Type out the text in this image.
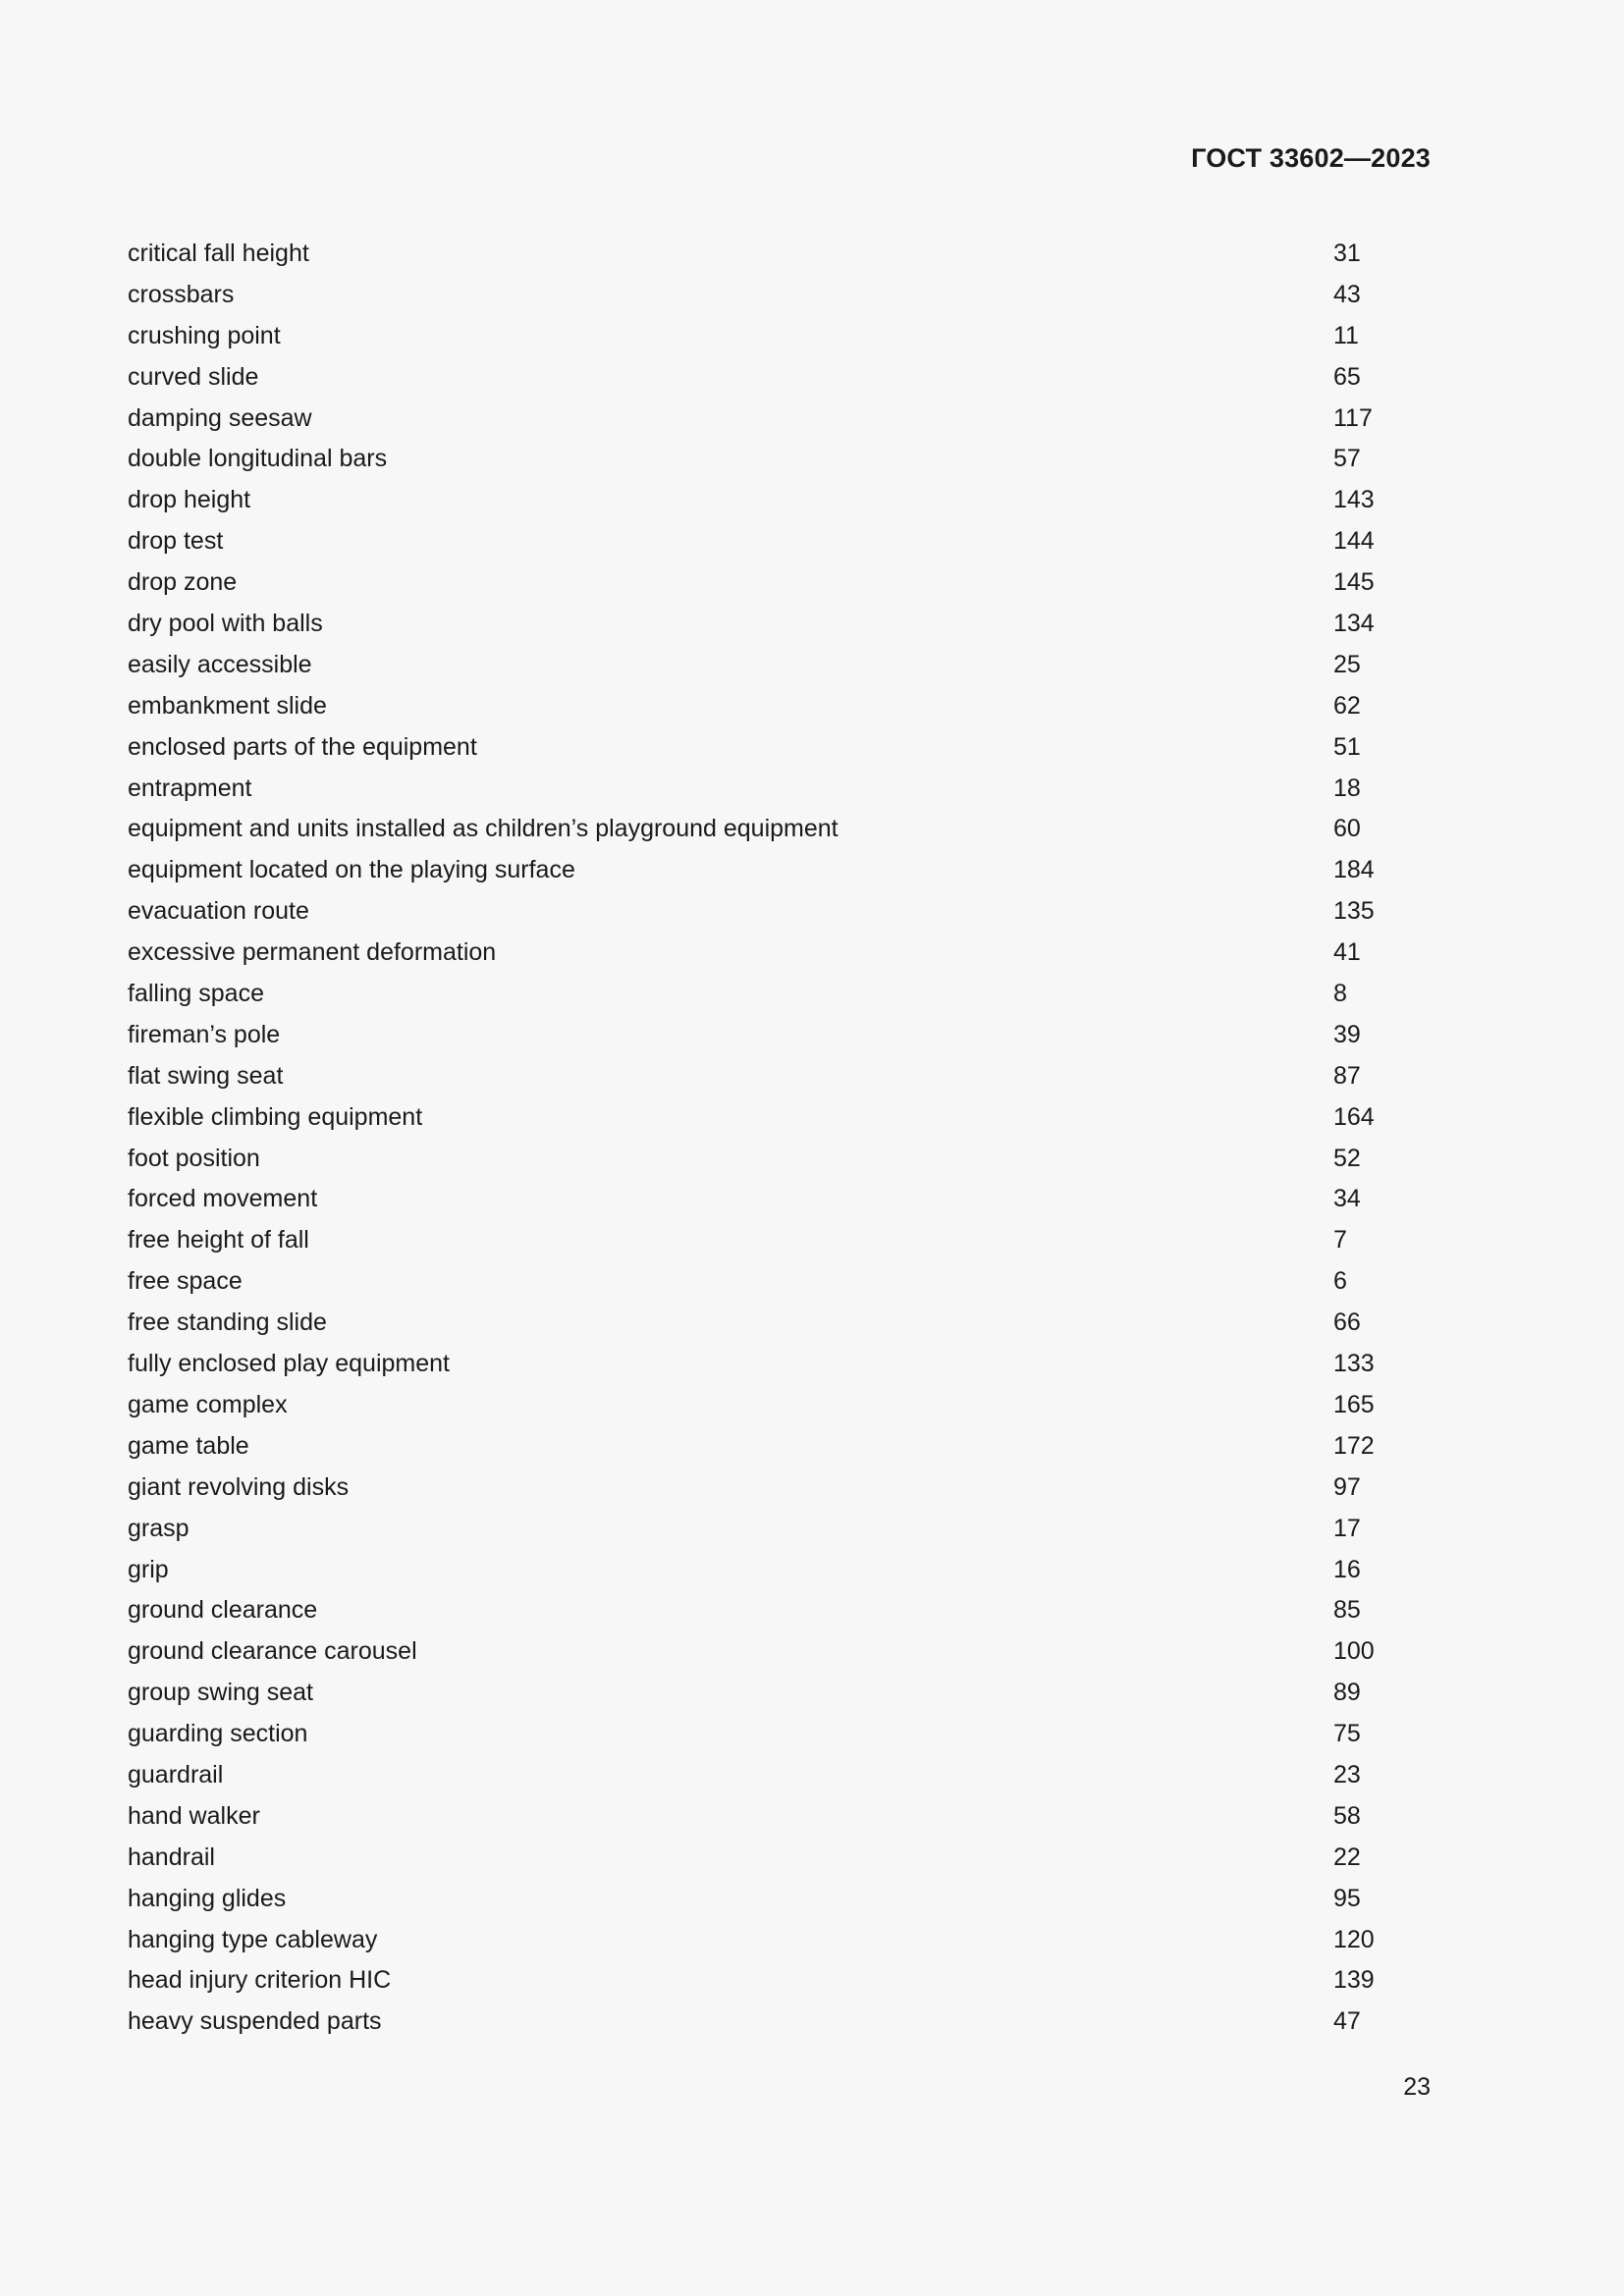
ГОСТ 33602—2023
critical fall height	31
crossbars	43
crushing point	11
curved slide	65
damping seesaw	117
double longitudinal bars	57
drop height	143
drop test	144
drop zone	145
dry pool with balls	134
easily accessible	25
embankment slide	62
enclosed parts of the equipment	51
entrapment	18
equipment and units installed as children’s playground equipment	60
equipment located on the playing surface	184
evacuation route	135
excessive permanent deformation	41
falling space	8
fireman’s pole	39
flat swing seat	87
flexible climbing equipment	164
foot position	52
forced movement	34
free height of fall	7
free space	6
free standing slide	66
fully enclosed play equipment	133
game complex	165
game table	172
giant revolving disks	97
grasp	17
grip	16
ground clearance	85
ground clearance carousel	100
group swing seat	89
guarding section	75
guardrail	23
hand walker	58
handrail	22
hanging glides	95
hanging type cableway	120
head injury criterion HIC	139
heavy suspended parts	47
23
